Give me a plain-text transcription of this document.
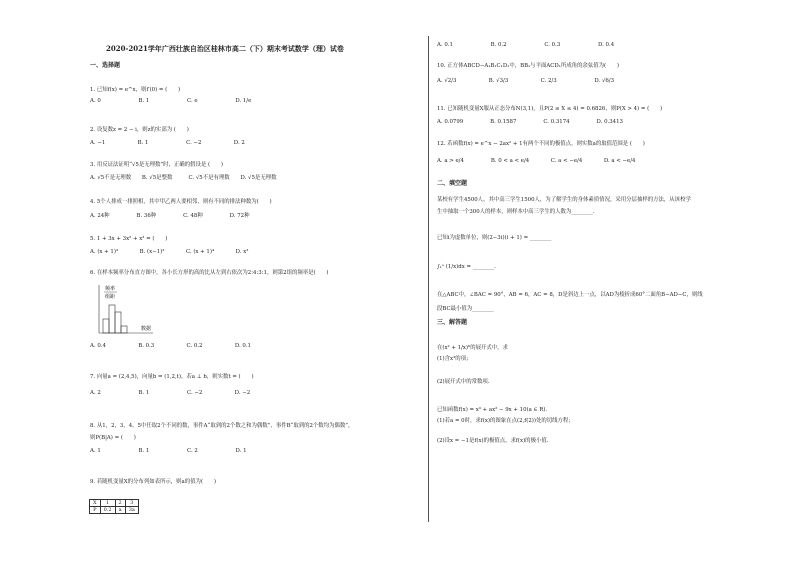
2020-2021学年广西壮族自治区桂林市高二（下）期末考试数学（理）试卷
一、选择题
1. 已知f(x) = e^x，则f′(0) = (　　)
A. 0　　　　　　　B. 1　　　　　　　C. e　　　　　　　D. 1/e
2. 设复数z = 2 − i，则z的实部为 (　　)
A. −1　　　　　　B. 1　　　　　　　C. −2　　　　　　D. 2
3. 用反证法证明“√5是无理数”时，正确的假设是 (　　)
A. √5不是无理数　　B. √5是整数　　　C. √5不是有理数　　D. √5是无理数
4. 5个人排成一排照相，其中甲乙两人要相邻，则有不同的排法种数为(　　)
A. 24种　　　　　B. 36种　　　　　C. 48种　　　　　D. 72种
5. 1 + 3x + 3x² + x³ = (　　)
A. (x + 1)³　　　　B. (x−1)³　　　　C. (x + 1)⁴　　　　D. x³
6. 在样本频率分布直方图中，各小长方形的高的比从左到右依次为2:4:3:1，则第2组的频率是(　　)
A. 0.4　　　　　　B. 0.3　　　　　　C. 0.2　　　　　　D. 0.1
7. 向量a = (2,4,5)，向量b = (1,2,t)，若a ⊥ b，则实数t = (　　)
A. 2　　　　　　　B. 1　　　　　　　C. −2　　　　　　D. −2
8. 从1，2，3，4，5中任取2个不同的数，事件A“取到的2个数之和为偶数”，事件B“取到的2个数均为偶数”，
则P(B|A) = (　　)
A. 1　　　　　　　B. 1　　　　　　　C. 2　　　　　　　D. 1
9. 若随机变量X的分布列如表所示，则a的值为(　　)
频率
组距
数据
X	1	2	3
P	0.2	a	3a
A. 0.1　　　　　　　B. 0.2　　　　　　　C. 0.3　　　　　　　D. 0.4
10. 正方体ABCD−A₁B₁C₁D₁中，BB₁与平面ACD₁所成角的余弦值为(　　)
A. √2/3　　　　　　B. √3/3　　　　　　C. 2/3　　　　　　　D. √6/3
11. 已知随机变量X服从正态分布N(3,1)，且P(2 ≤ X ≤ 4) = 0.6826，则P(X > 4) = (　　)
A. 0.0799　　　　　B. 0.1587　　　　　C. 0.3174　　　　　D. 0.3413
12. 若函数f(x) = e^x − 2ax² + 1有两个不同的极值点，则实数a的取值范围是 (　　)
A. a > e/4　　　　　B. 0 < a < e/4　　　　C. a < −e/4　　　　D. a < −e/4
二、填空题
某校有学生4500人，其中高三学生1500人，为了解学生的身体素质情况，采用分层抽样的方法，从该校学
生中抽取一个300人的样本，则样本中高三学生的人数为________.
已知i为虚数单位，则(2−3i)(i + 1) = ________
∫₁ᵉ (1/x)dx = ________.
在△ABC中，∠BAC = 90°，AB = 6，AC = 8，D是斜边上一点，以AD为棱折成60°二面角B−AD−C，则线
段BC最小值为________
三、解答题
在(x² + 1/x)⁶的展开式中，求
(1)含x³的项；
(2)展开式中的常数项.
已知函数f(x) = x³ + ax² − 9x + 10(a ∈ R).
(1)若a = 0时，求f(x)的图象在点(2,f(2))处的切线方程；
(2)设x = −1是f(x)的极值点，求f(x)的极小值.
